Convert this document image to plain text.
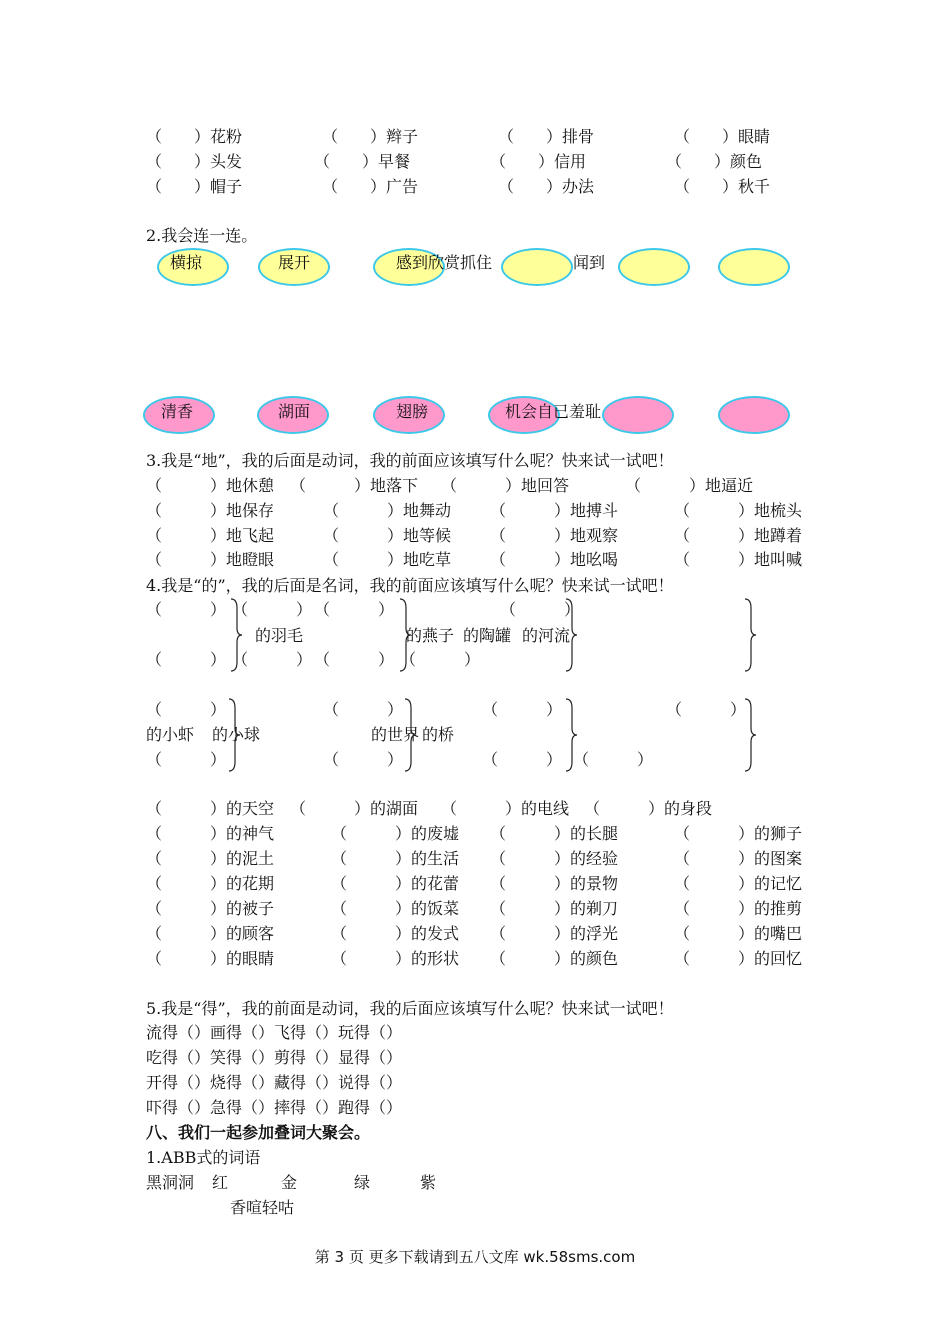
（　　）花粉	（　　）辫子	（　　）排骨	（　　）眼睛
（　　）头发	（　　）早餐	（　　）信用	（　　）颜色
（　　）帽子	（　　）广告	（　　）办法	（　　）秋千
2.我会连一连。
横掠	展开	感到欣赏抓住	闻到
清香	湖面	翅膀	机会自已羞耻
3.我是“地”，我的后面是动词，我的前面应该填写什么呢？快来试一试吧！
（　　　）地休憩 （　　　）地落下 （　　　）地回答	（　　　）地逼近
（　　　）地保存	（　　　）地舞动 （　　　）地搏斗	（　　　）地梳头
（　　　）地飞起	（　　　）地等候 （　　　）地观察	（　　　）地蹲着
（　　　）地瞪眼	（　　　）地吃草 （　　　）地吆喝	（　　　）地叫喊
4.我是“的”，我的后面是名词，我的前面应该填写什么呢？快来试一试吧！
（　　　） （　　　） （　　　）	（　　　）
（　　　） （　　　） （　　　） （　　　）
的羽毛	的燕子 的陶罐 的河流
（　　　）	（　　　）	（　　　）	（　　　）
（　　　）	（　　　）	（　　　） （　　　）
的小虾 的小球	的世界 的桥
（　　　）的天空 （　　　）的湖面 （　　　）的电线 （　　　）的身段
（　　　）的神气	（　　　）的废墟 （　　　）的长腿	（　　　）的狮子
（　　　）的泥土	（　　　）的生活 （　　　）的经验	（　　　）的图案
（　　　）的花期	（　　　）的花蕾 （　　　）的景物	（　　　）的记忆
（　　　）的被子	（　　　）的饭菜 （　　　）的剃刀	（　　　）的推剪
（　　　）的顾客	（　　　）的发式 （　　　）的浮光	（　　　）的嘴巴
（　　　）的眼睛	（　　　）的形状 （　　　）的颜色	（　　　）的回忆
5.我是“得”，我的前面是动词，我的后面应该填写什么呢？快来试一试吧！
流得（）画得（）飞得（）玩得（）
吃得（）笑得（）剪得（）显得（）
开得（）烧得（）藏得（）说得（）
吓得（）急得（）摔得（）跑得（）
八、我们一起参加叠词大聚会。
1.ABB式的词语
黑洞洞 红	金	绿	紫
香喧轻咕
第 3 页 更多下载请到五八文库 wk.58sms.com
